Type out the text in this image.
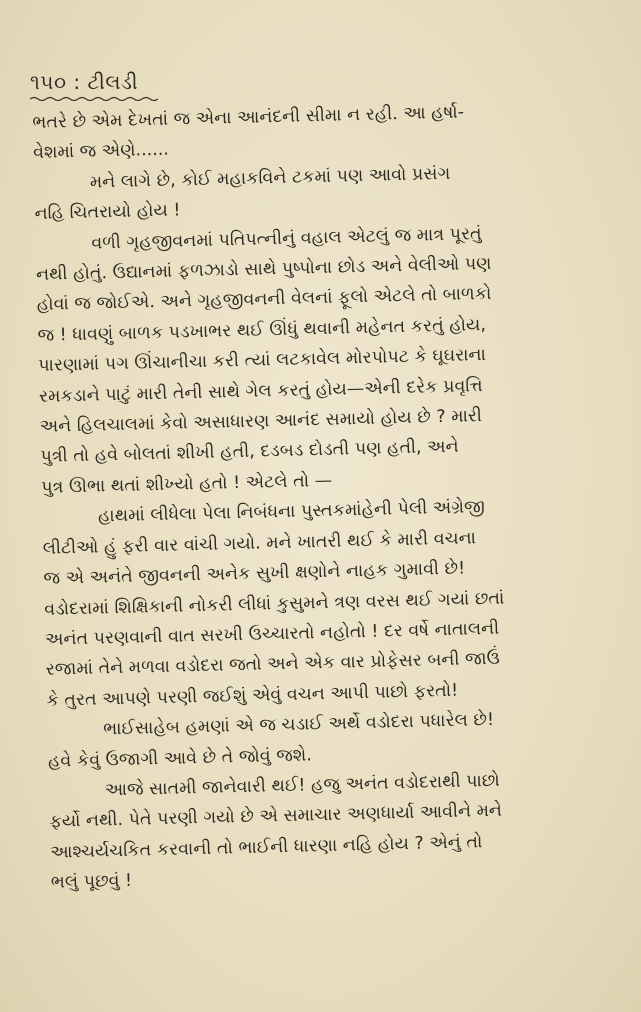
૧૫૦ : ટીલડી
ભતરે છે એમ દેખતાં જ એના આનંદની સીમા ન રહી. આ હર્ષા-
વેશમાં જ એણે......
મને લાગે છે, કોઈ મહાકવિને ટકમાં પણ આવો પ્રસંગ
નહિ ચિતરાયો હોય !
વળી ગૃહજીવનમાં પતિપત્નીનું વહાલ એટલું જ માત્ર પૂરતું
નથી હોતું. ઉદ્યાનમાં ફળઝાડો સાથે પુષ્પોના છોડ અને વેલીઓ પણ
હોવાં જ જોઈએ. અને ગૃહજીવનની વેલનાં ફૂલો એટલે તો બાળકો
જ ! ધાવણું બાળક પડખાભર થઈ ઊંધું થવાની મહેનત કરતું હોય,
પારણામાં પગ ઊંચાનીચા કરી ત્યાં લટકાવેલ મોરપોપટ કે ઘૂઘરાના
રમકડાને પાટું મારી તેની સાથે ગેલ કરતું હોય—એની દરેક પ્રવૃત્તિ
અને હિલચાલમાં કેવો અસાધારણ આનંદ સમાયો હોય છે ? મારી
પુત્રી તો હવે બોલતાં શીખી હતી, દડબડ દોડતી પણ હતી, અને
પુત્ર ઊભા થતાં શીખ્યો હતો ! એટલે તો —
હાથમાં લીધેલા પેલા નિબંધના પુસ્તકમાંહેની પેલી અંગ્રેજી
લીટીઓ હું ફરી વાર વાંચી ગયો. મને ખાતરી થઈ કે મારી વચના
જ એ અનંતે જીવનની અનેક સુખી ક્ષણોને નાહક ગુમાવી છે!
વડોદરામાં શિક્ષિકાની નોકરી લીધાં કુસુમને ત્રણ વરસ થઈ ગયાં છતાં
અનંત પરણવાની વાત સરખી ઉચ્ચારતો નહોતો ! દર વર્ષે નાતાલની
રજામાં તેને મળવા વડોદરા જતો અને એક વાર પ્રોફેસર બની જાઉં
કે તુરત આપણે પરણી જઈશું એવું વચન આપી પાછો ફરતો!
ભાઈસાહેબ હમણાં એ જ ચડાઈ અર્થે વડોદરા પધારેલ છે!
હવે કેવું ઉજાગી આવે છે તે જોવું જશે.
આજે સાતમી જાનેવારી થઈ! હજુ અનંત વડોદરાથી પાછો
ફર્યો નથી. પેતે પરણી ગયો છે એ સમાચાર અણધાર્યા આવીને મને
આશ્ચર્યચકિત કરવાની તો ભાઈની ધારણા નહિ હોય ? એનું તો
ભલું પૂછવું !
